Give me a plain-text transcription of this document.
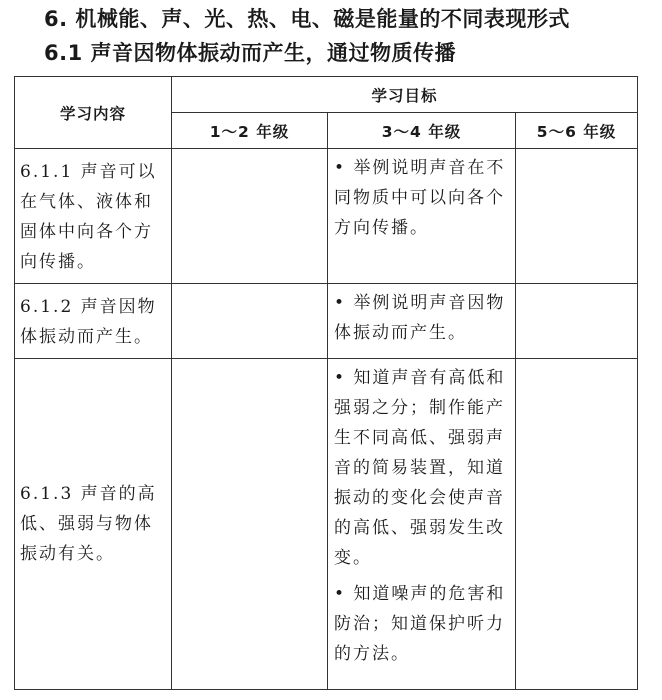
6. 机械能、声、光、热、电、磁是能量的不同表现形式
6.1 声音因物体振动而产生，通过物质传播
学习内容	学习目标		
	1～2 年级	3～4 年级	5～6 年级

6.1.1 声音可以在气体、液体和固体中向各个方向传播。		• 举例说明声音在不同物质中可以向各个方向传播。

6.1.2 声音因物体振动而产生。		• 举例说明声音因物体振动而产生。

6.1.3 声音的高低、强弱与物体振动有关。		• 知道声音有高低和强弱之分；制作能产生不同高低、强弱声音的简易装置，知道振动的变化会使声音的高低、强弱发生改变。
• 知道噪声的危害和防治；知道保护听力的方法。
